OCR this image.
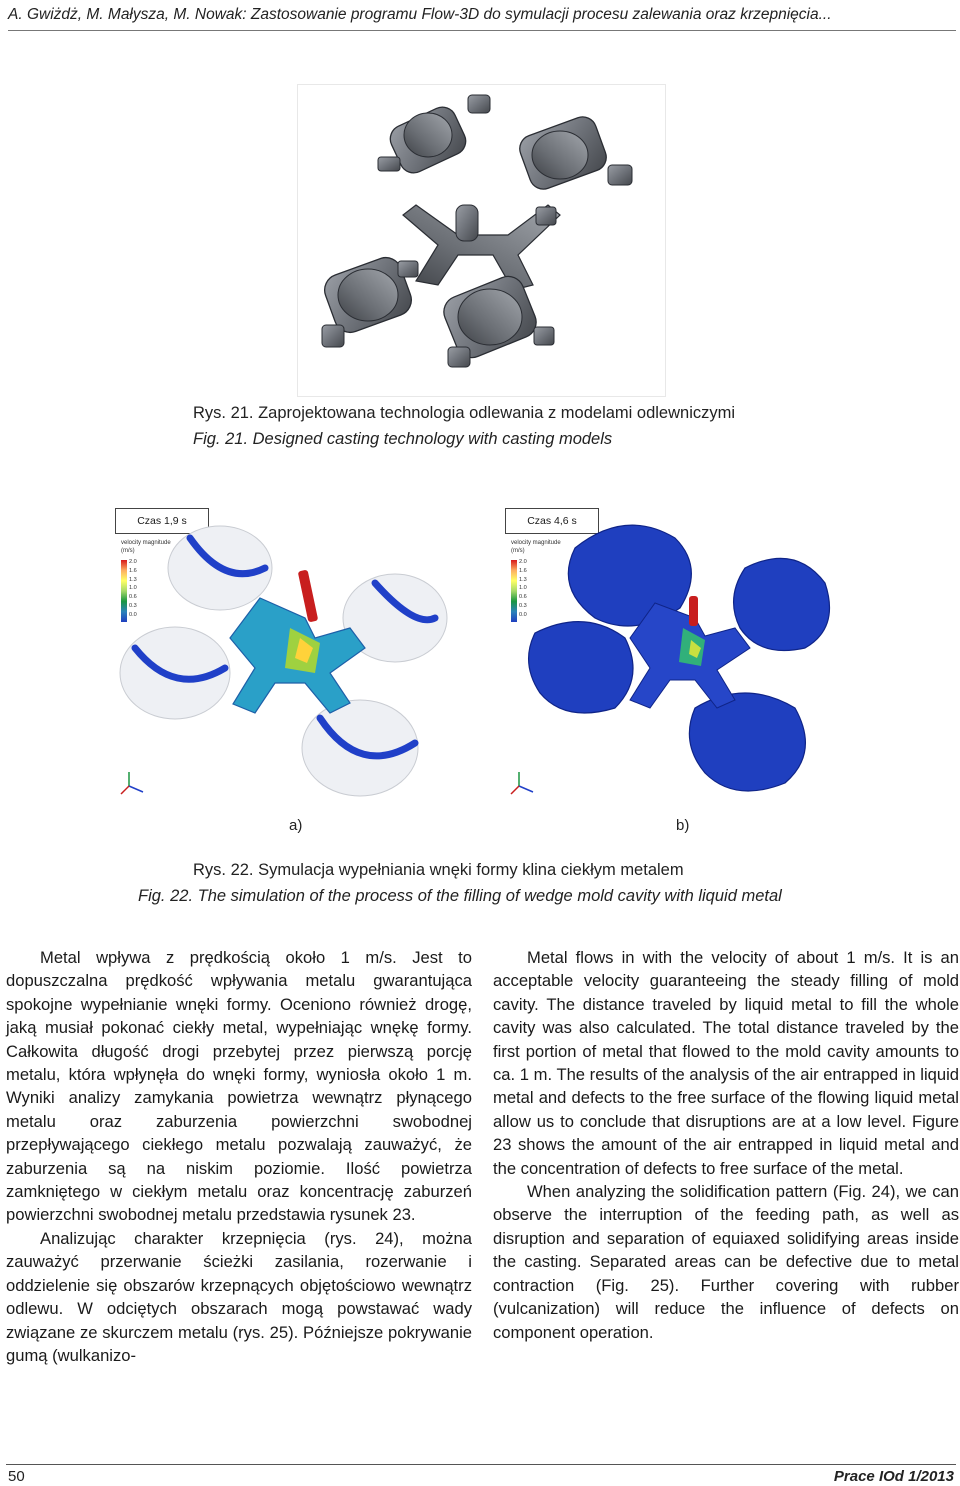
A. Gwiżdż, M. Małysza, M. Nowak: Zastosowanie programu Flow-3D do symulacji procesu zalewania oraz krzepnięcia...
Rys. 21. Zaprojektowana technologia odlewania z modelami odlewniczymi
Fig. 21. Designed casting technology with casting models
Czas 1,9 s
velocity magnitude
(m/s)
2.0
1.6
1.3
1.0
0.6
0.3
0.0
Czas 4,6 s
velocity magnitude
(m/s)
2.0
1.6
1.3
1.0
0.6
0.3
0.0
a)	b)
Rys. 22. Symulacja wypełniania wnęki formy klina ciekłym metalem
Fig. 22. The simulation of the process of the filling of wedge mold cavity with liquid metal

Metal wpływa z prędkością około 1 m/s. Jest to dopuszczalna prędkość wpływania metalu gwarantująca spokojne wypełnianie wnęki formy. Oceniono również drogę, jaką musiał pokonać ciekły metal, wypełniając wnękę formy. Całkowita długość drogi przebytej przez pierwszą porcję metalu, która wpłynęła do wnęki formy, wyniosła około 1 m. Wyniki analizy zamykania powietrza wewnątrz płynącego metalu oraz zaburzenia powierzchni swobodnej przepływającego ciekłego metalu pozwalają zauważyć, że zaburzenia są na niskim poziomie. Ilość powietrza zamkniętego w ciekłym metalu oraz koncentrację zaburzeń powierzchni swobodnej metalu przedstawia rysunek 23.

Analizując charakter krzepnięcia (rys. 24), można zauważyć przerwanie ścieżki zasilania, rozerwanie i oddzielenie się obszarów krzepnących objętościowo wewnątrz odlewu. W odciętych obszarach mogą powstawać wady związane ze skurczem metalu (rys. 25). Późniejsze pokrywanie gumą (wulkanizo-

Metal flows in with the velocity of about 1 m/s. It is an acceptable velocity guaranteeing the steady filling of mold cavity. The distance traveled by liquid metal to fill the whole cavity was also calculated. The total distance traveled by the first portion of metal that flowed to the mold cavity amounts to ca. 1 m. The results of the analysis of the air entrapped in liquid metal and defects to the free surface of the flowing liquid metal allow us to conclude that disruptions are at a low level. Figure 23 shows the amount of the air entrapped in liquid metal and the concentration of defects to free surface of the metal.

When analyzing the solidification pattern (Fig. 24), we can observe the interruption of the feeding path, as well as disruption and separation of equiaxed solidifying areas inside the casting. Separated areas can be defective due to metal contraction (Fig. 25). Further covering with rubber (vulcanization) will reduce the influence of defects on component operation.

50	Prace IOd 1/2013
